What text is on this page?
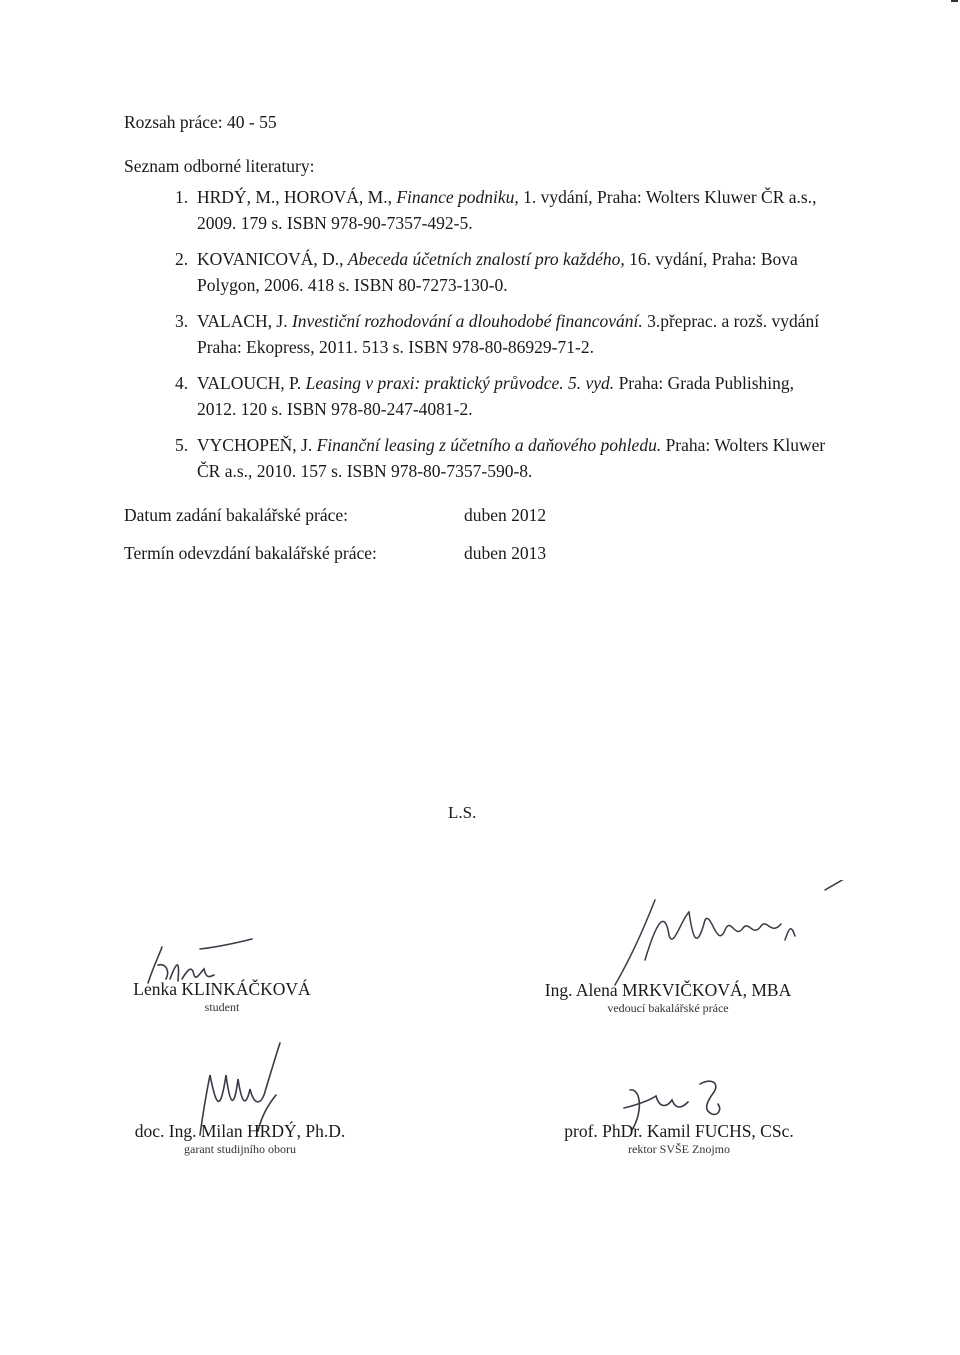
Rozsah práce: 40 - 55
Seznam odborné literatury:
1. HRDÝ, M., HOROVÁ, M., Finance podniku, 1. vydání, Praha: Wolters Kluwer ČR a.s., 2009. 179 s. ISBN 978-90-7357-492-5.
2. KOVANICOVÁ, D., Abeceda účetních znalostí pro každého, 16. vydání, Praha: Bova Polygon, 2006. 418 s. ISBN 80-7273-130-0.
3. VALACH, J. Investiční rozhodování a dlouhodobé financování. 3.přeprac. a rozš. vydání Praha: Ekopress, 2011. 513 s. ISBN 978-80-86929-71-2.
4. VALOUCH, P. Leasing v praxi: praktický průvodce. 5. vyd. Praha: Grada Publishing, 2012. 120 s. ISBN 978-80-247-4081-2.
5. VYCHOPEŇ, J. Finanční leasing z účetního a daňového pohledu. Praha: Wolters Kluwer ČR a.s., 2010. 157 s. ISBN 978-80-7357-590-8.
Datum zadání bakalářské práce:	duben 2012
Termín odevzdání bakalářské práce:	duben 2013
L.S.
Lenka KLINKÁČKOVÁ
student
Ing. Alena MRKVIČKOVÁ, MBA
vedoucí bakalářské práce
doc. Ing. Milan HRDÝ, Ph.D.
garant studijního oboru
prof. PhDr. Kamil FUCHS, CSc.
rektor SVŠE Znojmo
